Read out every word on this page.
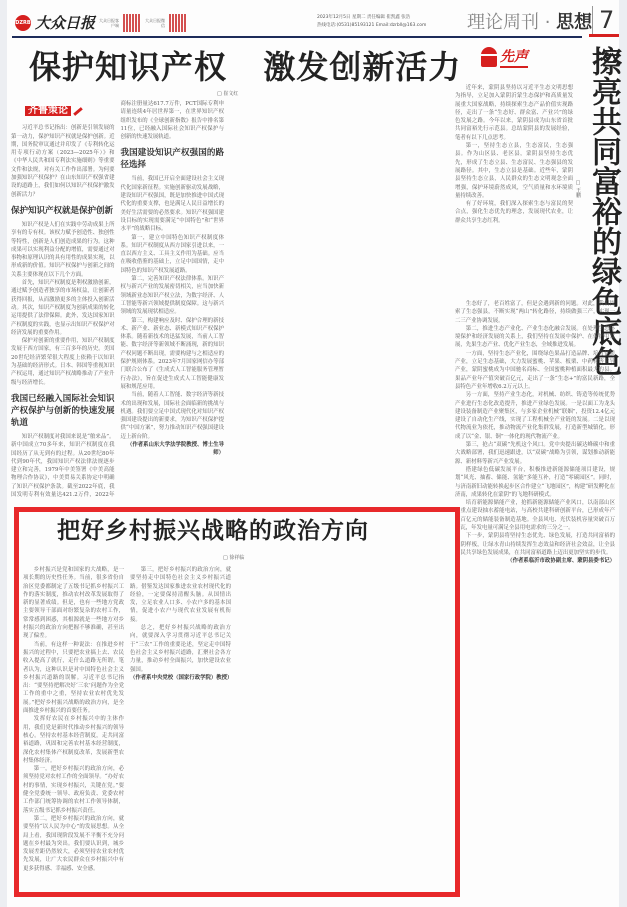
DZRB 大众日报 大众日报客户端
大众日报微信
2023年12月5日 星期二 责任编辑 崔凯鑫 张浩
热线电话:(0531)85193121 Email:dzrbll@163.com 理论周刊 · 思想 7
保护知识产权   激发创新活力
□ 崔文红
齐鲁策论

习近平总书记指出：创新是引领发展的第一动力，保护知识产权就是保护创新。近期，国务院审议通过并印发了《专利转化运用专项行动方案（2023—2025年）》和《中华人民共和国专利法实施细则》等重要文件和法规，对有关工作作出部署。为何要加强知识产权保护？在山东知识产权强省建设的道路上，我们如何以知识产权保护激发创新活力？

保护知识产权就是保护创新

知识产权是人们在实践中劳动成果上所享有的专有权。该权力赋予创造性、独创性等特性，创新是人们创造成果的行为。这种成果可以实现利益分配的增值，需要通过对事物和原理认识的具有用性的成果实现，以形成新的价值。知识产权保护与创新之间的关系主要体现在以下几个方面。

首先，知识产权制度是利权激励创新，通过赋予创造者独享的市场权益，让创新者获得回报，从而激励更多的主体投入创新活动。其次，知识产权制度为创新成果的转化运用提供了法律保障。此外，发达国家知识产权制度的实践，也显示出知识产权保护对经济发展的重要作用。

保护对创新的重要作用，知识产权制度发展于西方国家，有三百多年的历史。美国20世纪经济繁荣很大程度上依赖于以知识为基础的经济形式。日本、韩国等重视知识产权运用，通过知识产权战略推动了产业升级与经济增长。

我国已经融入国际社会知识产权保护与创新的快速发展轨道

知识产权制度对我国来说是“舶来品”。新中国成立70多年来，知识产权制度在我国经历了从无到有的过程。从20世纪80年代到90年代，我国知识产权法律法规逐步建立和完善，1979年中美签署《中美高能物理合作协议》，中美贸易关系协定中明确了知识产权保护条款。截至2022年底，我国发明专利有效量达421.2万件，2022年商标注册量达617.7万件，PCT国际专利申请量连续4年居世界第一，在世界知识产权组织发布的《全球创新指数》报告中排名第11位，已经融入国际社会知识产权保护与创新的快速发展轨道。

我国建设知识产权强国的路径选择

当前，我国已开启全面建设社会主义现代化国家新征程。实施创新驱动发展战略，建设知识产权强国，既是加快推进中国式现代化的重要支撑，也是满足人民日益增长的美好生活需要的必然要求。知识产权强国建设目标的实现需要满足“中国特色”和“世界水平”的战略目标。

第一，建立中国特色知识产权制度体系。知识产权制度从西方国家引进以来，一直以西方主义、工具主义作用为基础。应当在吸收借鉴的基础上，立足中国国情，走中国特色的知识产权发展道路。

第二，完善知识产权法律体系。知识产权与新兴产业的发展密切相关，应当加快新领域新业态知识产权立法，为数字经济、人工智能等新兴领域提供制度保障。这与新兴领域的发展现状相适应。

第三，构建响应及时、保护合理的新技术、新产业、新业态、新模式知识产权保护体系。随着新技术的迅猛发展，当前人工智能、数字经济等新领域不断涌现，新的知识产权问题不断出现，需要构建与之相适应的保护规则体系。2023年7月国家网信办等部门联合公布了《生成式人工智能服务管理暂行办法》，旨在促进生成式人工智能健康发展和规范应用。

当前，随着人工智能、数字经济等新技术的出现和发展，国际社会面临新的挑战与机遇。我们要立足中国式现代化对知识产权强国建设提出的新要求，为知识产权保护提供“中国方案”，努力推动知识产权强国建设迈上新台阶。

（作者系山东大学法学院教授、博士生导师）

先声 擦亮共同富裕的绿色底色
□ 王鹏

近年来，蒙阴县坚持以习近平生态文明思想为指导，立足加入蒙阴沂蒙生态保护和高质量发展重大国家战略，持续探索生态产品价值实现路径，走出了一条“生态好、群众富、产业兴”的绿色发展之路。今年以来，蒙阴县成为山东省首批共同富裕先行示范县。总结蒙阴县的发展经验，笔者有以下几点思考。

第一，坚持生态立县，生态富民，生态强县。作为山区县、老区县，蒙阴县坚持生态优先，形成了生态立县、生态富民、生态强县的发展路径。其中，生态立县是基础。近些年，蒙阴县坚持生态立县，人民群众的生态文明观念全面增强，保护环境蔚然成风，空气质量和水环境质量持续改善。

有了好环境，我们深入探索生态与富民的契合点，强化生态优先的理念，发展现代农业，让群众共享生态红利。

生态好了，老百姓富了，但是会遇到新的问题。对此，我们探索了生态强县，不断实现“两山”转化路径，持续做强三产，实现一二三产业协调发展。

第二，推进生态产业化、产业生态化融合发展。在处理生态环境保护和经济发展的关系上，我们坚持在发展中保护、在保护中发展，先果生态产业、优化产业生态，全域推进发展。

一方面，坚持生态产业化，围绕绿色果品打造品牌、培育优质产业，立足生态基础，大力发展蜜桃、苹果、板栗、中药材等主导产业，蒙阴蜜桃成为中国驰名商标、全国蜜桃种植面积最大的县。果品产业年产值突破百亿元，走出了一条“生态+”的富民新路，全县特色产业年增收6.2万元以上。

另一方面，坚持产业生态化，对机械、纺织、铸造等传统优势产业进行生态化改造提升，推进产业绿色发展。一是以面工为龙头建设装备制造产业聚集区，与多家企业机械“联姻”，投资12.4亿元建设了自动化生产线，实现了工程机械全产业链的发展。二是以现代物流业为依托，推动物流产业化集群发展，打造新型城镇化，形成了以“金、银、铜”一体化的现代物流产业。

第三，抢占“双碳”先机这个风口。党中央提出碳达峰碳中和重大战略部署，我们迅速跟进，以“双碳”战略为引领，谋划推动新能源、新材料等新兴产业发展。

搭建绿色低碳发展平台，积极推进新能源储能项目建设，规划“风光、抽蓄、储能、氢能”多能互补，打造“零碳园区”。同时，与济南新旧动能转换起步区合作建立“飞地园区”，构建“研发孵化在济南，成果转化在蒙阴”的飞地科研模式。

培育新能源储能产业，抢抓新能源储能产业风口，以南部山区为重点建设抽水蓄能电站，与高校共建科研创新平台，已形成年产能百亿元的储能装备制造基地。全县风电、光伏装机容量突破百万千瓦，年发电量可满足全县用电需求的三分之一。

下一步，蒙阴县将坚持生态优先、绿色发展，打造共同富裕的蒙阴样板，让绿水青山持续发挥生态效益和经济社会效益，让全县人民共享绿色发展成果，在共同富裕道路上迈出更加坚实的步伐。

（作者系临沂市政协副主席、蒙阴县委书记）

把好乡村振兴战略的政治方向
□ 徐祥临

乡村振兴是党和国家的大战略，是一项长期的历史性任务。当前，很多省份自治区党委都制定了五级书记抓乡村振兴工作的落实制度，推动农村改革发展取得了新的显著成绩。但是，也有一些地方党政主要领导干部面对纷繁复杂的农村工作，常常感到困惑，其根源就是一些地方对乡村振兴的政治方向把握不够准确，甚至出现了偏差。

当前，有这样一种说法：在推进乡村振兴的过程中，只要把农业搞上去、农民收入提高了就行，走什么道路无所谓。笔者认为，这种认识是对中国特色社会主义乡村振兴道路的误解。习近平总书记指出：“要坚持把解决好‘三农’问题作为全党工作的重中之重，坚持农业农村优先发展。”把好乡村振兴战略的政治方向，是全面推进乡村振兴的首要任务。

发挥好农民在乡村振兴中的主体作用，我们党是新时代推动乡村振兴的领导核心。坚持农村基本经营制度，走共同富裕道路，巩固和完善农村基本经营制度，深化农村集体产权制度改革，发展新型农村集体经济。

第一，把好乡村振兴的政治方向，必须坚持党对农村工作的全面领导。“办好农村的事情，实现乡村振兴，关键在党。”要健全党委统一领导、政府负责、党委农村工作部门统筹协调的农村工作领导体制，落实五级书记抓乡村振兴责任。

第二，把好乡村振兴的政治方向，就要坚持“以人民为中心”的发展思想。从全局上看，我国现阶段发展不平衡不充分问题在乡村最为突出。我们要认识到，城乡发展差距仍然较大，必须坚持农业农村优先发展，让广大农民群众在乡村振兴中有更多获得感、幸福感、安全感。

第三，把好乡村振兴的政治方向，就要坚持走中国特色社会主义乡村振兴道路。借鉴发达国家推进农业农村现代化的经验，一定要保持清醒头脑。从国情出发，立足农业人口多、小农户多的基本国情，促进小农户与现代农业发展有机衔接。

总之，把好乡村振兴战略的政治方向，就要深入学习贯彻习近平总书记关于“三农”工作的重要论述，坚定走中国特色社会主义乡村振兴道路，汇聚社会各方力量，推动乡村全面振兴，加快建设农业强国。

（作者系中央党校（国家行政学院）教授）
